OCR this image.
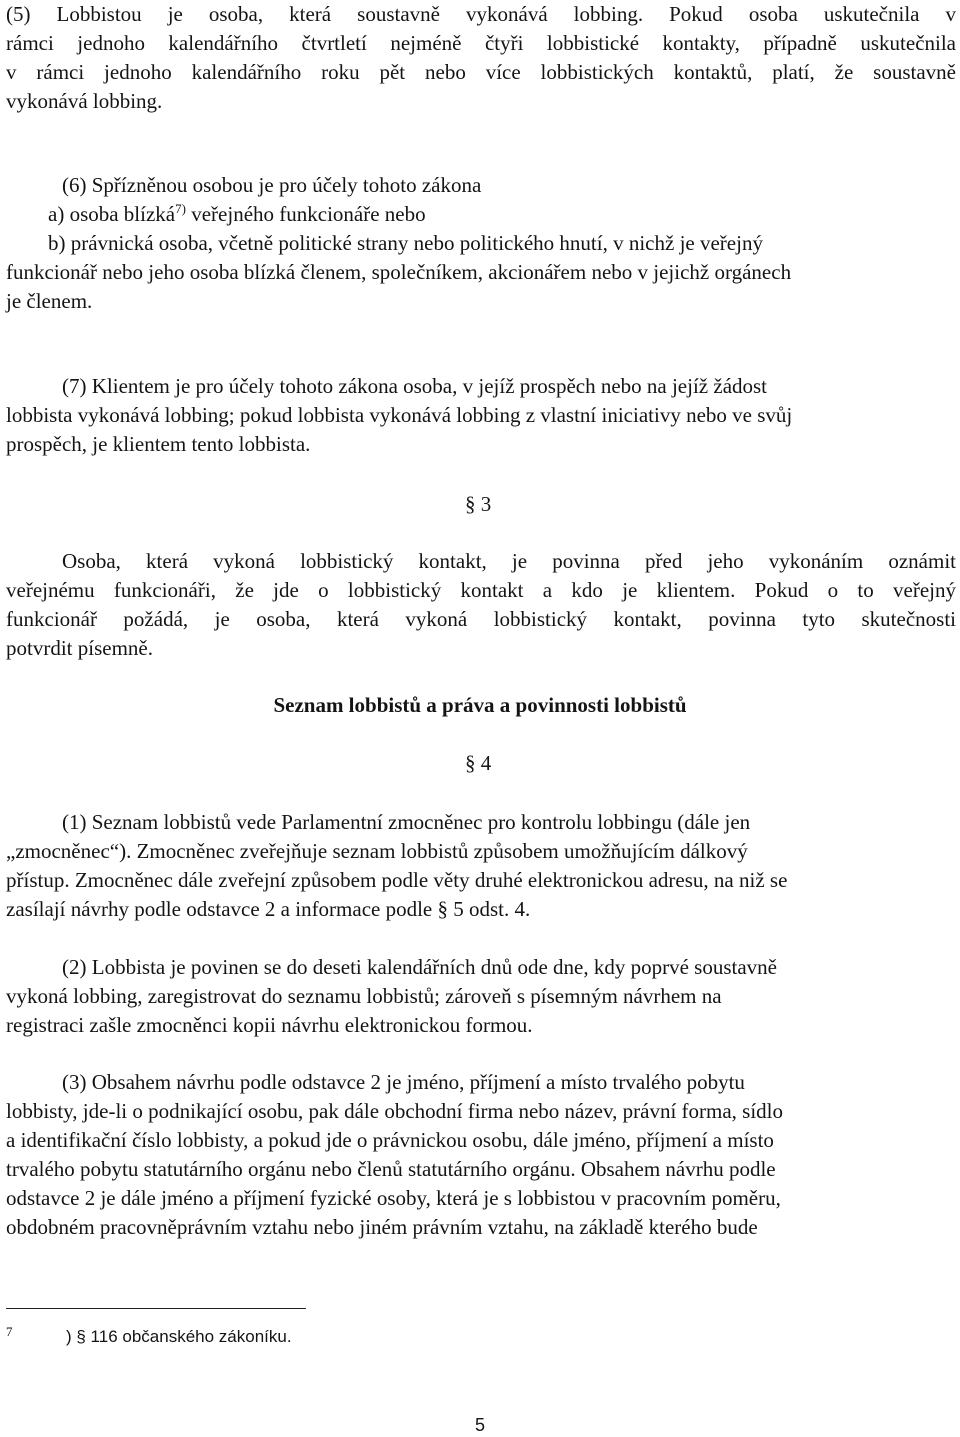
(5) Lobbistou je osoba, která soustavně vykonává lobbing. Pokud osoba uskutečnila v
rámci jednoho kalendářního čtvrtletí nejméně čtyři lobbistické kontakty, případně uskutečnila
v rámci jednoho kalendářního roku pět nebo více lobbistických kontaktů, platí, že soustavně
vykonává lobbing.
(6) Spřízněnou osobou je pro účely tohoto zákona
a) osoba blízká$^{7)}$ veřejného funkcionáře nebo
b) právnická osoba, včetně politické strany nebo politického hnutí, v nichž je veřejný
funkcionář nebo jeho osoba blízká členem, společníkem, akcionářem nebo v jejichž orgánech
je členem.
(7) Klientem je pro účely tohoto zákona osoba, v jejíž prospěch nebo na jejíž žádost
lobbista vykonává lobbing; pokud lobbista vykonává lobbing z vlastní iniciativy nebo ve svůj
prospěch, je klientem tento lobbista.
§ 3
Osoba, která vykoná lobbistický kontakt, je povinna před jeho vykonáním oznámit
veřejnému funkcionáři, že jde o lobbistický kontakt a kdo je klientem. Pokud o to veřejný
funkcionář požádá, je osoba, která vykoná lobbistický kontakt, povinna tyto skutečnosti
potvrdit písemně.
Seznam lobbistů a práva a povinnosti lobbistů
§ 4
(1) Seznam lobbistů vede Parlamentní zmocněnec pro kontrolu lobbingu (dále jen
„zmocněnec“). Zmocněnec zveřejňuje seznam lobbistů způsobem umožňujícím dálkový
přístup. Zmocněnec dále zveřejní způsobem podle věty druhé elektronickou adresu, na niž se
zasílají návrhy podle odstavce 2 a informace podle § 5 odst. 4.
(2) Lobbista je povinen se do deseti kalendářních dnů ode dne, kdy poprvé soustavně
vykoná lobbing, zaregistrovat do seznamu lobbistů; zároveň s písemným návrhem na
registraci zašle zmocněnci kopii návrhu elektronickou formou.
(3) Obsahem návrhu podle odstavce 2 je jméno, příjmení a místo trvalého pobytu
lobbisty, jde-li o podnikající osobu, pak dále obchodní firma nebo název, právní forma, sídlo
a identifikační číslo lobbisty, a pokud jde o právnickou osobu, dále jméno, příjmení a místo
trvalého pobytu statutárního orgánu nebo členů statutárního orgánu. Obsahem návrhu podle
odstavce 2 je dále jméno a příjmení fyzické osoby, která je s lobbistou v pracovním poměru,
obdobném pracovněprávním vztahu nebo jiném právním vztahu, na základě kterého bude
7	) § 116 občanského zákoníku.
5
